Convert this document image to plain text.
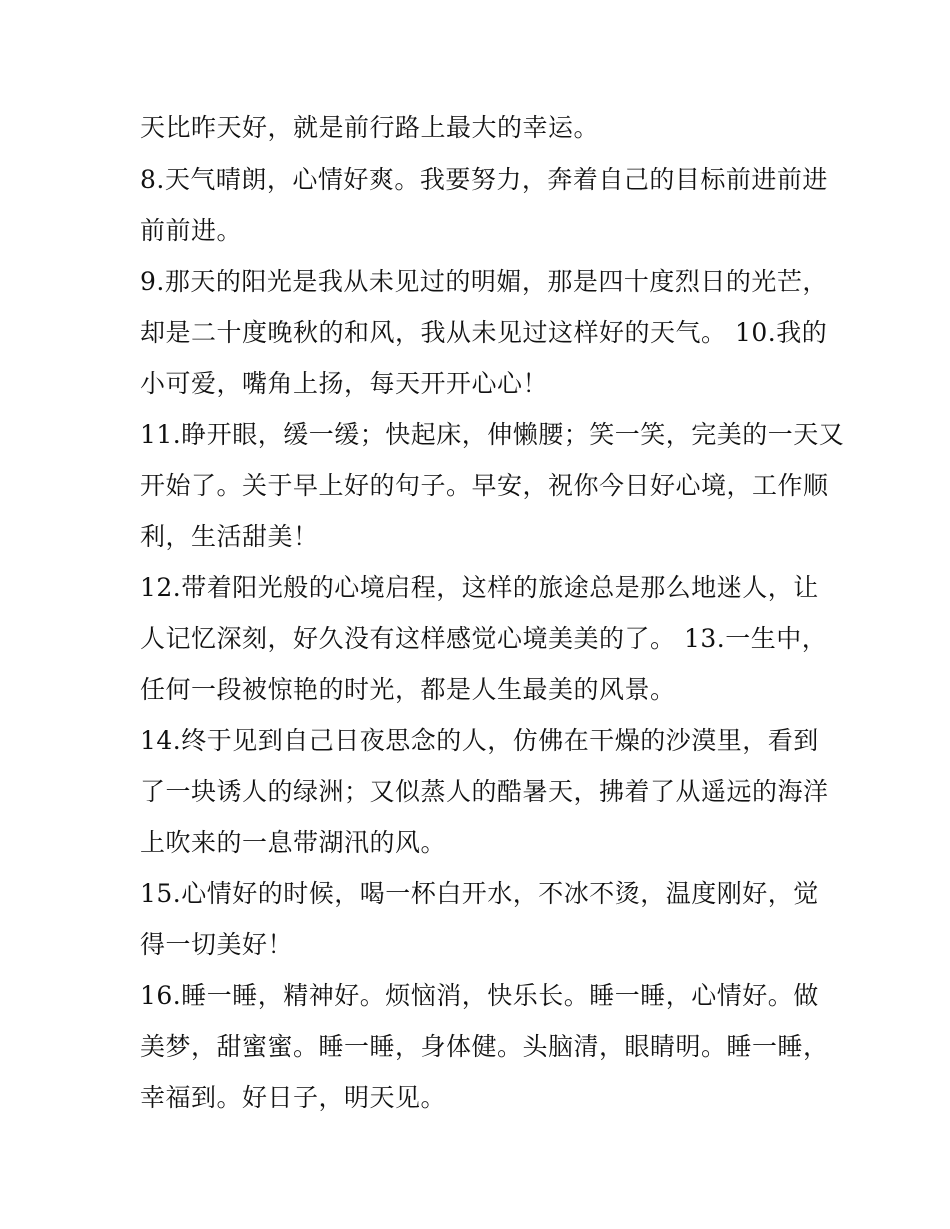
天比昨天好，就是前行路上最大的幸运。
8.天气晴朗，心情好爽。我要努力，奔着自己的目标前进前进
前前进。
9.那天的阳光是我从未见过的明媚，那是四十度烈日的光芒，
却是二十度晚秋的和风，我从未见过这样好的天气。 10.我的
小可爱，嘴角上扬，每天开开心心！
11.睁开眼，缓一缓；快起床，伸懒腰；笑一笑，完美的一天又
开始了。关于早上好的句子。早安，祝你今日好心境，工作顺
利，生活甜美！
12.带着阳光般的心境启程，这样的旅途总是那么地迷人，让
人记忆深刻，好久没有这样感觉心境美美的了。 13.一生中，
任何一段被惊艳的时光，都是人生最美的风景。
14.终于见到自己日夜思念的人，仿佛在干燥的沙漠里，看到
了一块诱人的绿洲；又似蒸人的酷暑天，拂着了从遥远的海洋
上吹来的一息带湖汛的风。
15.心情好的时候，喝一杯白开水，不冰不烫，温度刚好，觉
得一切美好！
16.睡一睡，精神好。烦恼消，快乐长。睡一睡，心情好。做
美梦，甜蜜蜜。睡一睡，身体健。头脑清，眼睛明。睡一睡，
幸福到。好日子，明天见。
